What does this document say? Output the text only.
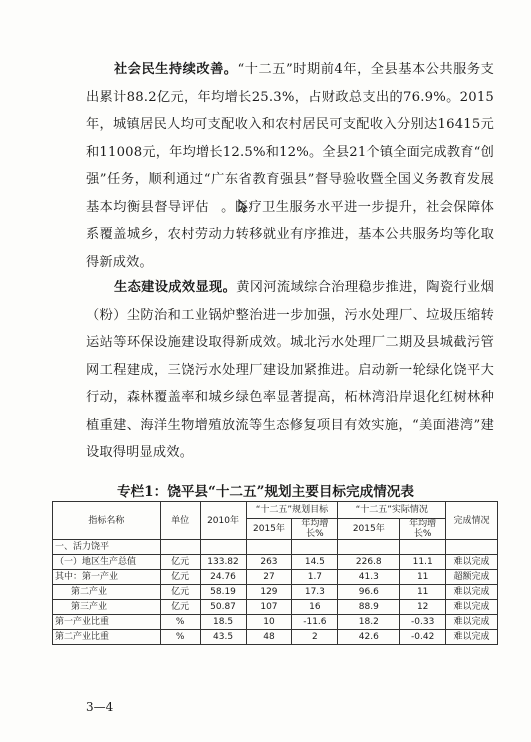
社会民生持续改善。“十二五”时期前4年，全县基本公共服务支出累计88.2亿元，年均增长25.3%，占财政总支出的76.9%。2015年，城镇居民人均可支配收入和农村居民可支配收入分别达16415元和11008元，年均增长12.5%和12%。全县21个镇全面完成教育“创强”任务，顺利通过“广东省教育强县”督导验收暨全国义务教育发展基本均衡县督导评估 。医疗卫生服务水平进一步提升，社会保障体系覆盖城乡，农村劳动力转移就业有序推进，基本公共服务均等化取得新成效。

生态建设成效显现。黄冈河流域综合治理稳步推进，陶瓷行业烟（粉）尘防治和工业锅炉整治进一步加强，污水处理厂、垃圾压缩转运站等环保设施建设取得新成效。城北污水处理厂二期及县城截污管网工程建成，三饶污水处理厂建设加紧推进。启动新一轮绿化饶平大行动，森林覆盖率和城乡绿色率显著提高，柘林湾沿岸退化红树林种植重建、海洋生物增殖放流等生态修复项目有效实施，“美面港湾”建设取得明显成效。

专栏1：饶平县“十二五”规划主要目标完成情况表
指标名称	单位	2010年	“十二五”规划目标		“十二五”实际情况		完成情况
			2015年	年均增长%	2015年	年均增长%	
一、活力饶平							
（一）地区生产总值	亿元	133.82	263	14.5	226.8	11.1	难以完成
其中：第一产业	亿元	24.76	27	1.7	41.3	11	超额完成
第二产业	亿元	58.19	129	17.3	96.6	11	难以完成
第三产业	亿元	50.87	107	16	88.9	12	难以完成
第一产业比重	%	18.5	10	-11.6	18.2	-0.33	难以完成
第二产业比重	%	43.5	48	2	42.6	-0.42	难以完成
3—4
